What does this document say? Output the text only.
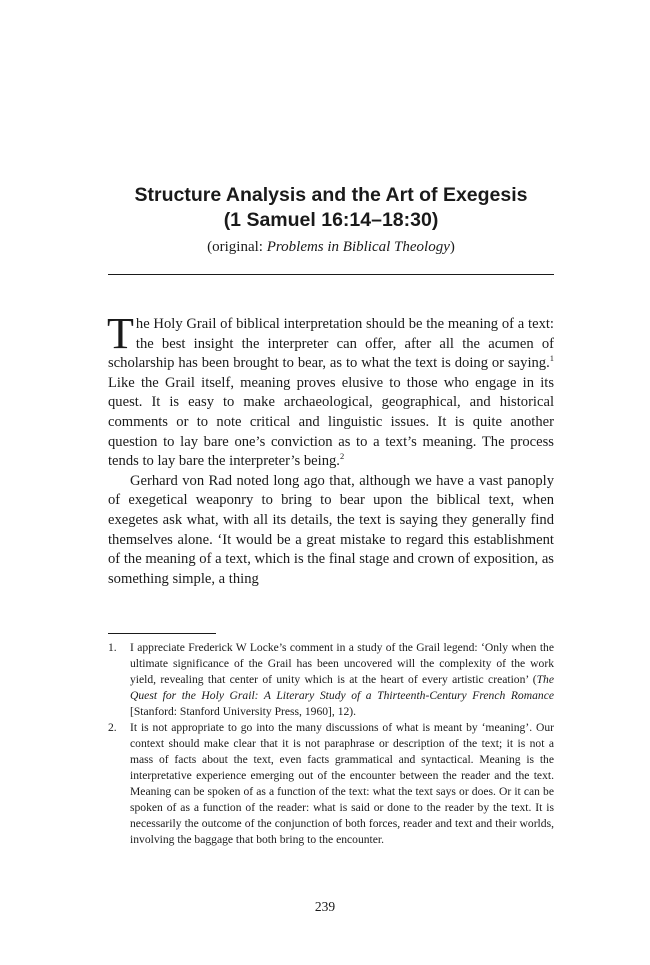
Structure Analysis and the Art of Exegesis
(1 Samuel 16:14–18:30)
(original: Problems in Biblical Theology)

The Holy Grail of biblical interpretation should be the meaning of a text: the best insight the interpreter can offer, after all the acumen of scholarship has been brought to bear, as to what the text is doing or saying.$^1$ Like the Grail itself, meaning proves elusive to those who engage in its quest. It is easy to make archaeological, geographical, and historical comments or to note critical and linguistic issues. It is quite another question to lay bare one’s conviction as to a text’s meaning. The process tends to lay bare the interpreter’s being.$^2$

Gerhard von Rad noted long ago that, although we have a vast panoply of exegetical weaponry to bring to bear upon the biblical text, when exegetes ask what, with all its details, the text is saying they generally find themselves alone. ‘It would be a great mistake to regard this establishment of the meaning of a text, which is the final stage and crown of exposition, as something simple, a thing

1. I appreciate Frederick W Locke’s comment in a study of the Grail legend: ‘Only when the ultimate significance of the Grail has been uncovered will the complexity of the work yield, revealing that center of unity which is at the heart of every artistic creation’ (The Quest for the Holy Grail: A Literary Study of a Thirteenth-Century French Romance [Stanford: Stanford University Press, 1960], 12).

2. It is not appropriate to go into the many discussions of what is meant by ‘meaning’. Our context should make clear that it is not paraphrase or description of the text; it is not a mass of facts about the text, even facts grammatical and syntactical. Meaning is the interpretative experience emerging out of the encounter between the reader and the text. Meaning can be spoken of as a function of the text: what the text says or does. Or it can be spoken of as a function of the reader: what is said or done to the reader by the text. It is necessarily the outcome of the conjunction of both forces, reader and text and their worlds, involving the baggage that both bring to the encounter.

239
